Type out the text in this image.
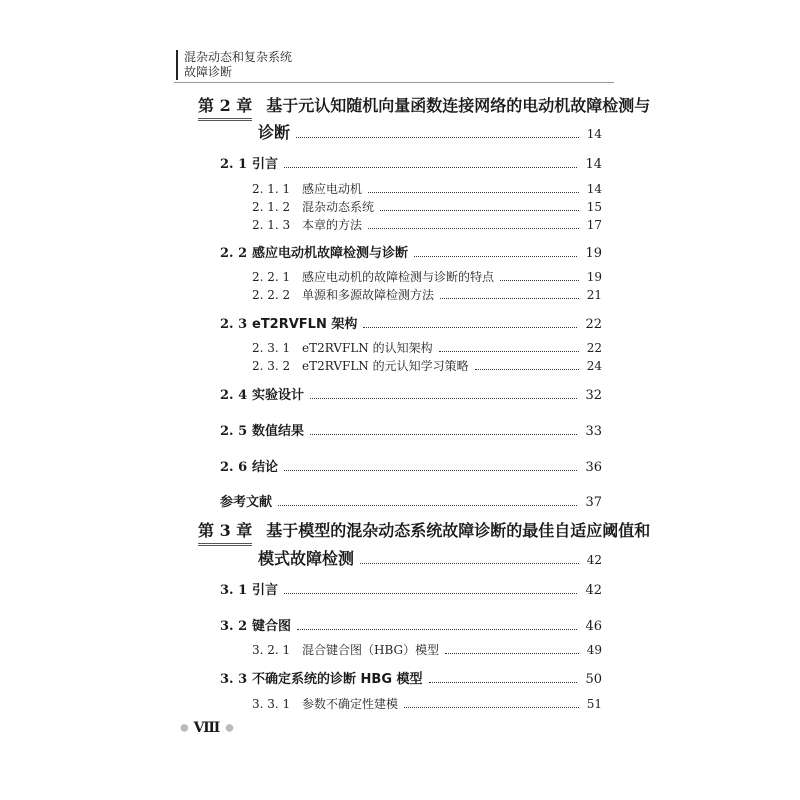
混杂动态和复杂系统
故障诊断
第 2 章 基于元认知随机向量函数连接网络的电动机故障检测与
诊断	14
2. 1 引言	14
2. 1. 1 感应电动机	14
2. 1. 2 混杂动态系统	15
2. 1. 3 本章的方法	17
2. 2 感应电动机故障检测与诊断	19
2. 2. 1 感应电动机的故障检测与诊断的特点	19
2. 2. 2 单源和多源故障检测方法	21
2. 3 eT2RVFLN 架构	22
2. 3. 1 eT2RVFLN 的认知架构	22
2. 3. 2 eT2RVFLN 的元认知学习策略	24
2. 4 实验设计	32
2. 5 数值结果	33
2. 6 结论	36
参考文献	37
第 3 章 基于模型的混杂动态系统故障诊断的最佳自适应阈值和
模式故障检测	42
3. 1 引言	42
3. 2 键合图	46
3. 2. 1 混合键合图（HBG）模型	49
3. 3 不确定系统的诊断 HBG 模型	50
3. 3. 1 参数不确定性建模	51
● Ⅷ ●
